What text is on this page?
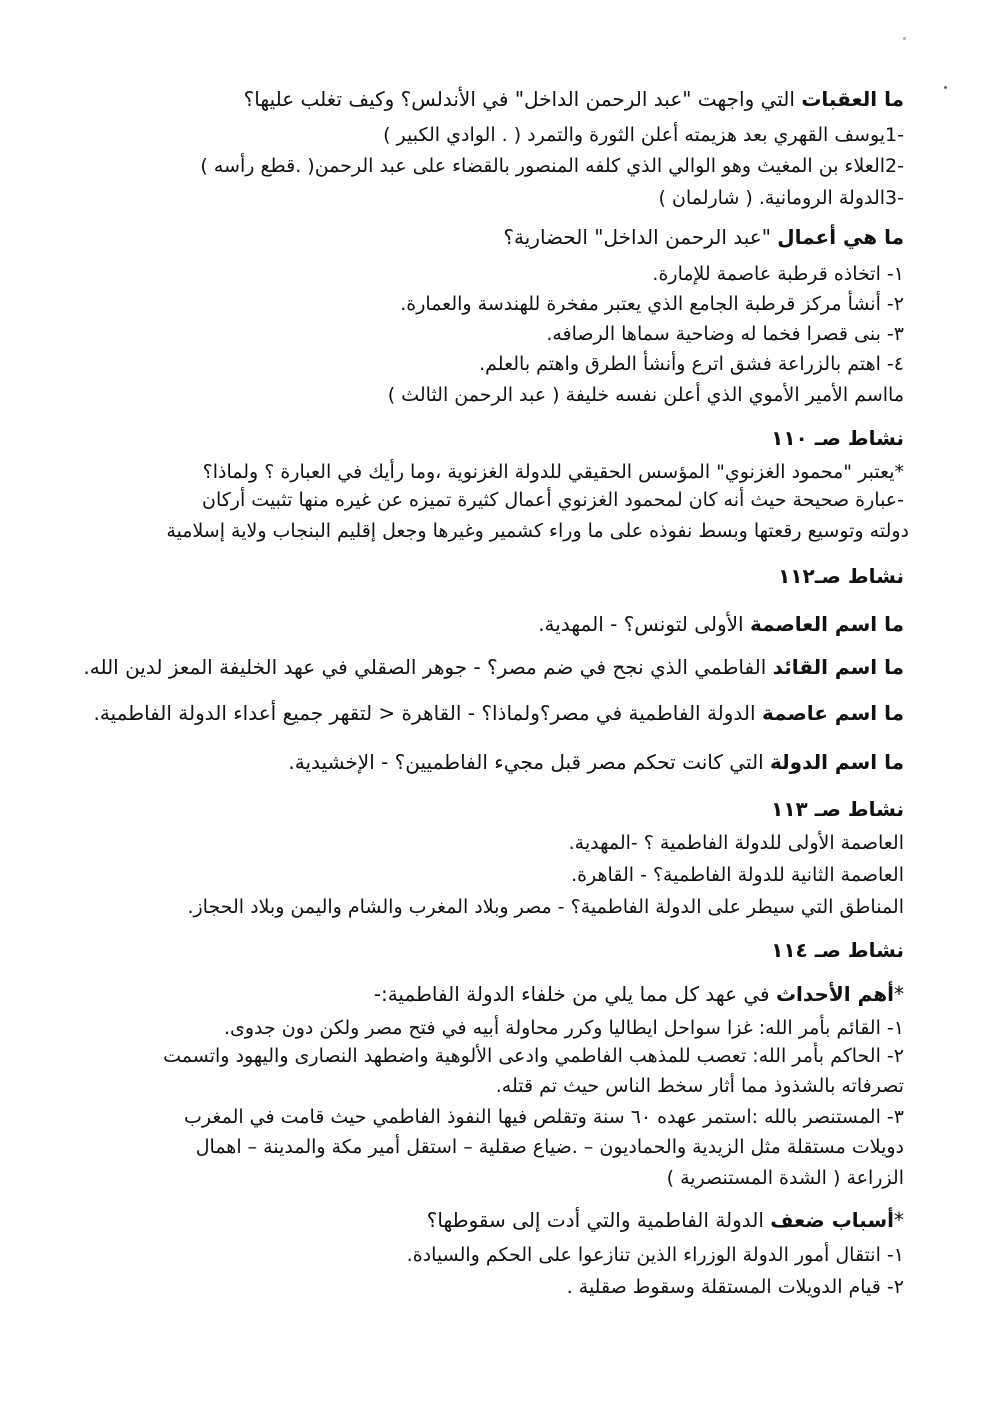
ما العقبات التي واجهت "عبد الرحمن الداخل" في الأندلس؟ وكيف تغلب عليها؟

-1يوسف القهري بعد هزيمته أعلن الثورة والتمرد ( . الوادي الكبير )

-2العلاء بن المغيث وهو الوالي الذي كلفه المنصور بالقضاء على عبد الرحمن( .قطع رأسه )

-3الدولة الرومانية. ( شارلمان )

ما هي أعمال "عبد الرحمن الداخل" الحضارية؟

١- اتخاذه قرطبة عاصمة للإمارة.

٢- أنشأ مركز قرطبة الجامع الذي يعتبر مفخرة للهندسة والعمارة.

٣- بنى قصرا فخما له وضاحية سماها الرصافه.

٤- اهتم بالزراعة فشق اترع وأنشأ الطرق واهتم بالعلم.

مااسم الأمير الأموي الذي أعلن نفسه خليفة ( عبد الرحمن الثالث )

نشاط صـ ١١٠

*يعتبر "محمود الغزنوي" المؤسس الحقيقي للدولة الغزنوية ،وما رأيك في العبارة ؟ ولماذا؟

-عبارة صحيحة حيث أنه كان لمحمود الغزنوي أعمال كثيرة تميزه عن غيره منها تثبيت أركان

دولته وتوسيع رقعتها وبسط نفوذه على ما وراء كشمير وغيرها وجعل إقليم البنجاب ولاية إسلامية

نشاط صـ١١٢

ما اسم العاصمة الأولى لتونس؟ - المهدية.

ما اسم القائد الفاطمي الذي نجح في ضم مصر؟ - جوهر الصقلي في عهد الخليفة المعز لدين الله.

ما اسم عاصمة الدولة الفاطمية في مصر؟ولماذا؟ - القاهرة < لتقهر جميع أعداء الدولة الفاطمية.

ما اسم الدولة التي كانت تحكم مصر قبل مجيء الفاطميين؟ - الإخشيدية.

نشاط صـ ١١٣

العاصمة الأولى للدولة الفاطمية ؟ -المهدية.

العاصمة الثانية للدولة الفاطمية؟ - القاهرة.

المناطق التي سيطر على الدولة الفاطمية؟ - مصر وبلاد المغرب والشام واليمن وبلاد الحجاز.

نشاط صـ ١١٤

*أهم الأحداث في عهد كل مما يلي من خلفاء الدولة الفاطمية:-

١- القائم بأمر الله: غزا سواحل ايطاليا وكرر محاولة أبيه في فتح مصر ولكن دون جدوى.

٢- الحاكم بأمر الله: تعصب للمذهب الفاطمي وادعى الألوهية واضطهد النصارى واليهود واتسمت

تصرفاته بالشذوذ مما أثار سخط الناس حيث تم قتله.

٣- المستنصر بالله :استمر عهده ٦٠ سنة وتقلص فيها النفوذ الفاطمي حيث قامت في المغرب

دويلات مستقلة مثل الزيدية والحماديون – .ضياع صقلية – استقل أمير مكة والمدينة – اهمال

الزراعة ( الشدة المستنصرية )

*أسباب ضعف الدولة الفاطمية والتي أدت إلى سقوطها؟

١- انتقال أمور الدولة الوزراء الذين تنازعوا على الحكم والسيادة.

٢- قيام الدويلات المستقلة وسقوط صقلية .
